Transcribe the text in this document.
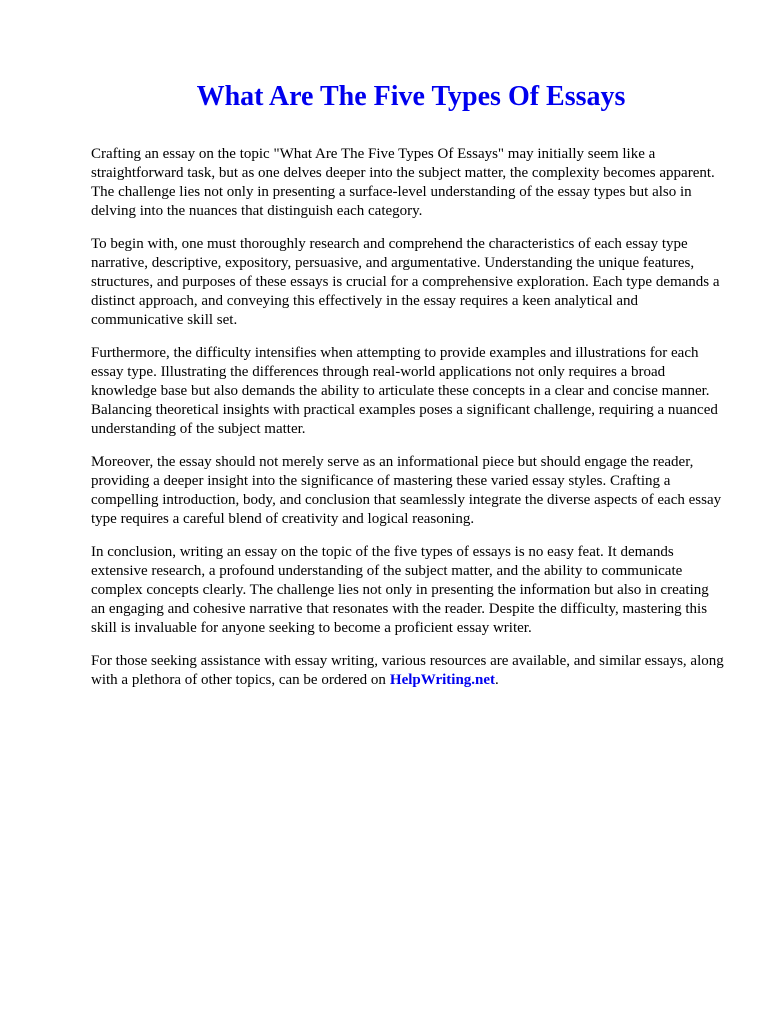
What Are The Five Types Of Essays

Crafting an essay on the topic "What Are The Five Types Of Essays" may initially seem like a straightforward task, but as one delves deeper into the subject matter, the complexity becomes apparent. The challenge lies not only in presenting a surface-level understanding of the essay types but also in delving into the nuances that distinguish each category.

To begin with, one must thoroughly research and comprehend the characteristics of each essay type narrative, descriptive, expository, persuasive, and argumentative. Understanding the unique features, structures, and purposes of these essays is crucial for a comprehensive exploration. Each type demands a distinct approach, and conveying this effectively in the essay requires a keen analytical and communicative skill set.

Furthermore, the difficulty intensifies when attempting to provide examples and illustrations for each essay type. Illustrating the differences through real-world applications not only requires a broad knowledge base but also demands the ability to articulate these concepts in a clear and concise manner. Balancing theoretical insights with practical examples poses a significant challenge, requiring a nuanced understanding of the subject matter.

Moreover, the essay should not merely serve as an informational piece but should engage the reader, providing a deeper insight into the significance of mastering these varied essay styles. Crafting a compelling introduction, body, and conclusion that seamlessly integrate the diverse aspects of each essay type requires a careful blend of creativity and logical reasoning.

In conclusion, writing an essay on the topic of the five types of essays is no easy feat. It demands extensive research, a profound understanding of the subject matter, and the ability to communicate complex concepts clearly. The challenge lies not only in presenting the information but also in creating an engaging and cohesive narrative that resonates with the reader. Despite the difficulty, mastering this skill is invaluable for anyone seeking to become a proficient essay writer.

For those seeking assistance with essay writing, various resources are available, and similar essays, along with a plethora of other topics, can be ordered on HelpWriting.net.
